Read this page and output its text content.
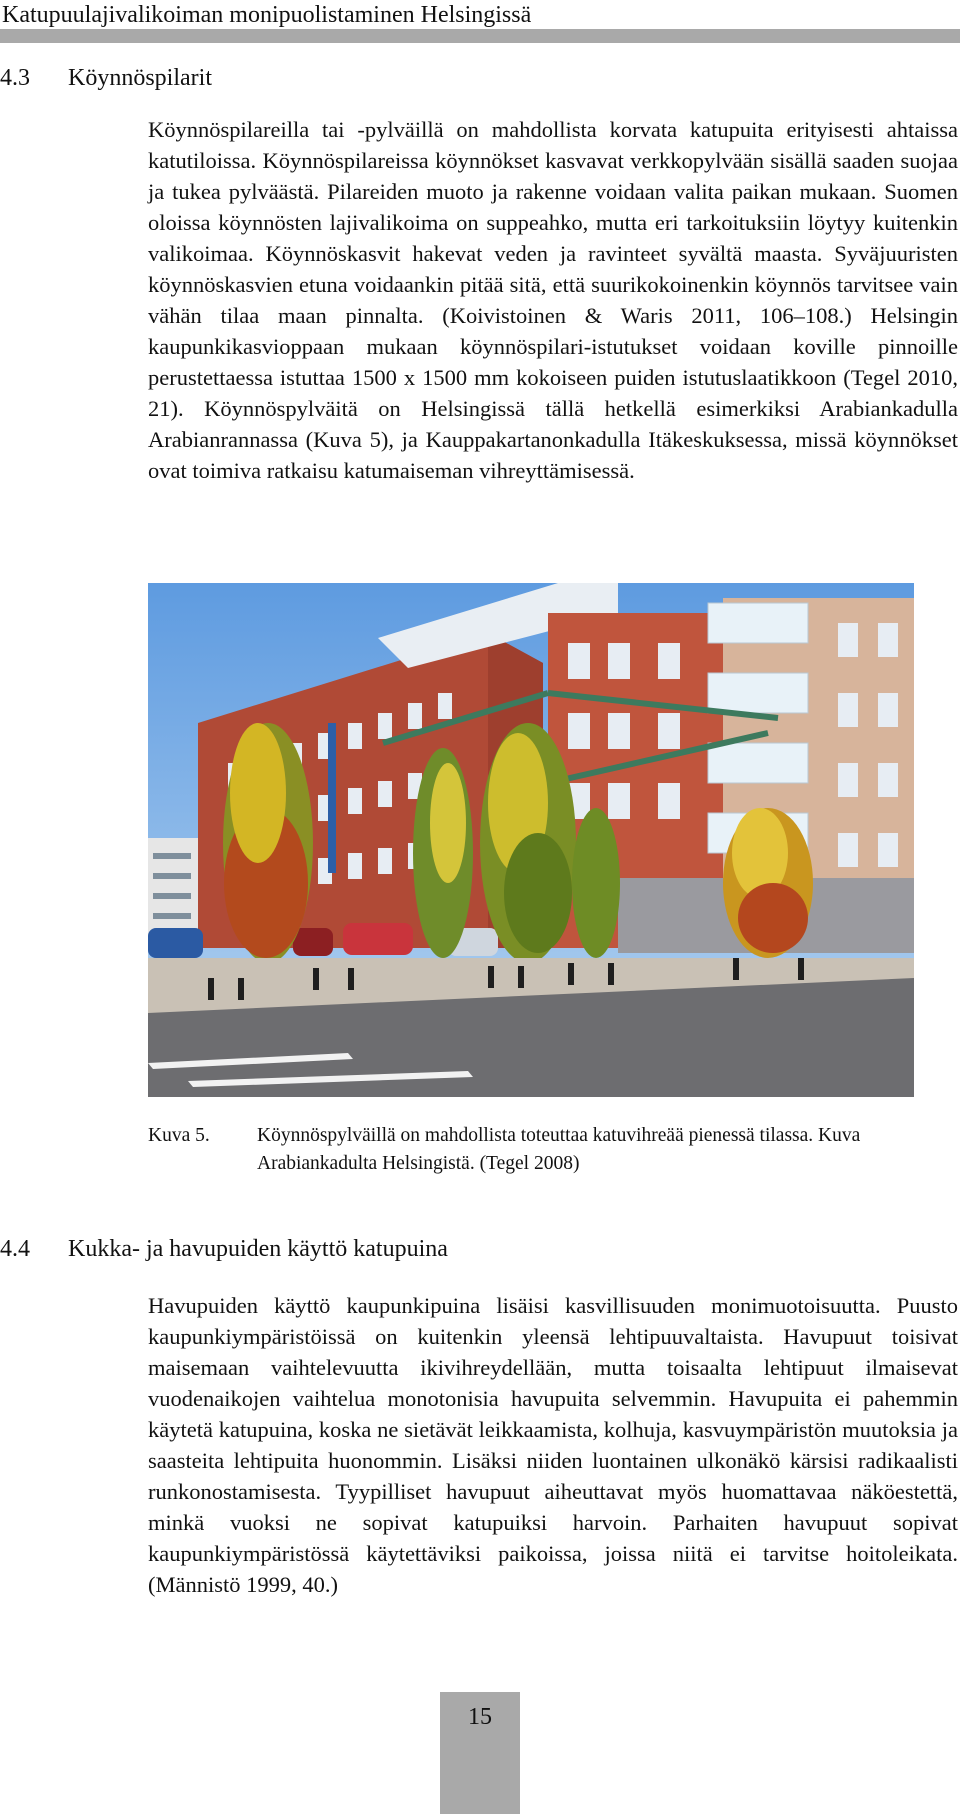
Katupuulajivalikoiman monipuolistaminen Helsingissä
4.3 Köynnöspilarit

Köynnöspilareilla tai -pylväillä on mahdollista korvata katupuita erityisesti ahtaissa katutiloissa. Köynnöspilareissa köynnökset kasvavat verkkopylvään sisällä saaden suojaa ja tukea pylväästä. Pilareiden muoto ja rakenne voidaan valita paikan mukaan. Suomen oloissa köynnösten lajivalikoima on suppeahko, mutta eri tarkoituksiin löytyy kuitenkin valikoimaa. Köynnöskasvit hakevat veden ja ravinteet syvältä maasta. Syväjuuristen köynnöskasvien etuna voidaankin pitää sitä, että suurikokoinenkin köynnös tarvitsee vain vähän tilaa maan pinnalta. (Koivistoinen & Waris 2011, 106–108.) Helsingin kaupunkikasvioppaan mukaan köynnöspilari-istutukset voidaan koville pinnoille perustettaessa istuttaa 1500 x 1500 mm kokoiseen puiden istutuslaatikkoon (Tegel 2010, 21). Köynnöspylväitä on Helsingissä tällä hetkellä esimerkiksi Arabiankadulla Arabianrannassa (Kuva 5), ja Kauppakartanonkadulla Itäkeskuksessa, missä köynnökset ovat toimiva ratkaisu katumaiseman vihreyttämisessä.

Kuva 5. Köynnöspylväillä on mahdollista toteuttaa katuvihreää pienessä tilassa. Kuva Arabiankadulta Helsingistä. (Tegel 2008)
4.4 Kukka- ja havupuiden käyttö katupuina

Havupuiden käyttö kaupunkipuina lisäisi kasvillisuuden monimuotoisuutta. Puusto kaupunkiympäristöissä on kuitenkin yleensä lehtipuuvaltaista. Havupuut toisivat maisemaan vaihtelevuutta ikivihreydellään, mutta toisaalta lehtipuut ilmaisevat vuodenaikojen vaihtelua monotonisia havupuita selvemmin. Havupuita ei pahemmin käytetä katupuina, koska ne sietävät leikkaamista, kolhuja, kasvuympäristön muutoksia ja saasteita lehtipuita huonommin. Lisäksi niiden luontainen ulkonäkö kärsisi radikaalisti runkonostamisesta. Tyypilliset havupuut aiheuttavat myös huomattavaa näköestettä, minkä vuoksi ne sopivat katupuiksi harvoin. Parhaiten havupuut sopivat kaupunkiympäristössä käytettäviksi paikoissa, joissa niitä ei tarvitse hoitoleikata. (Männistö 1999, 40.)

15
